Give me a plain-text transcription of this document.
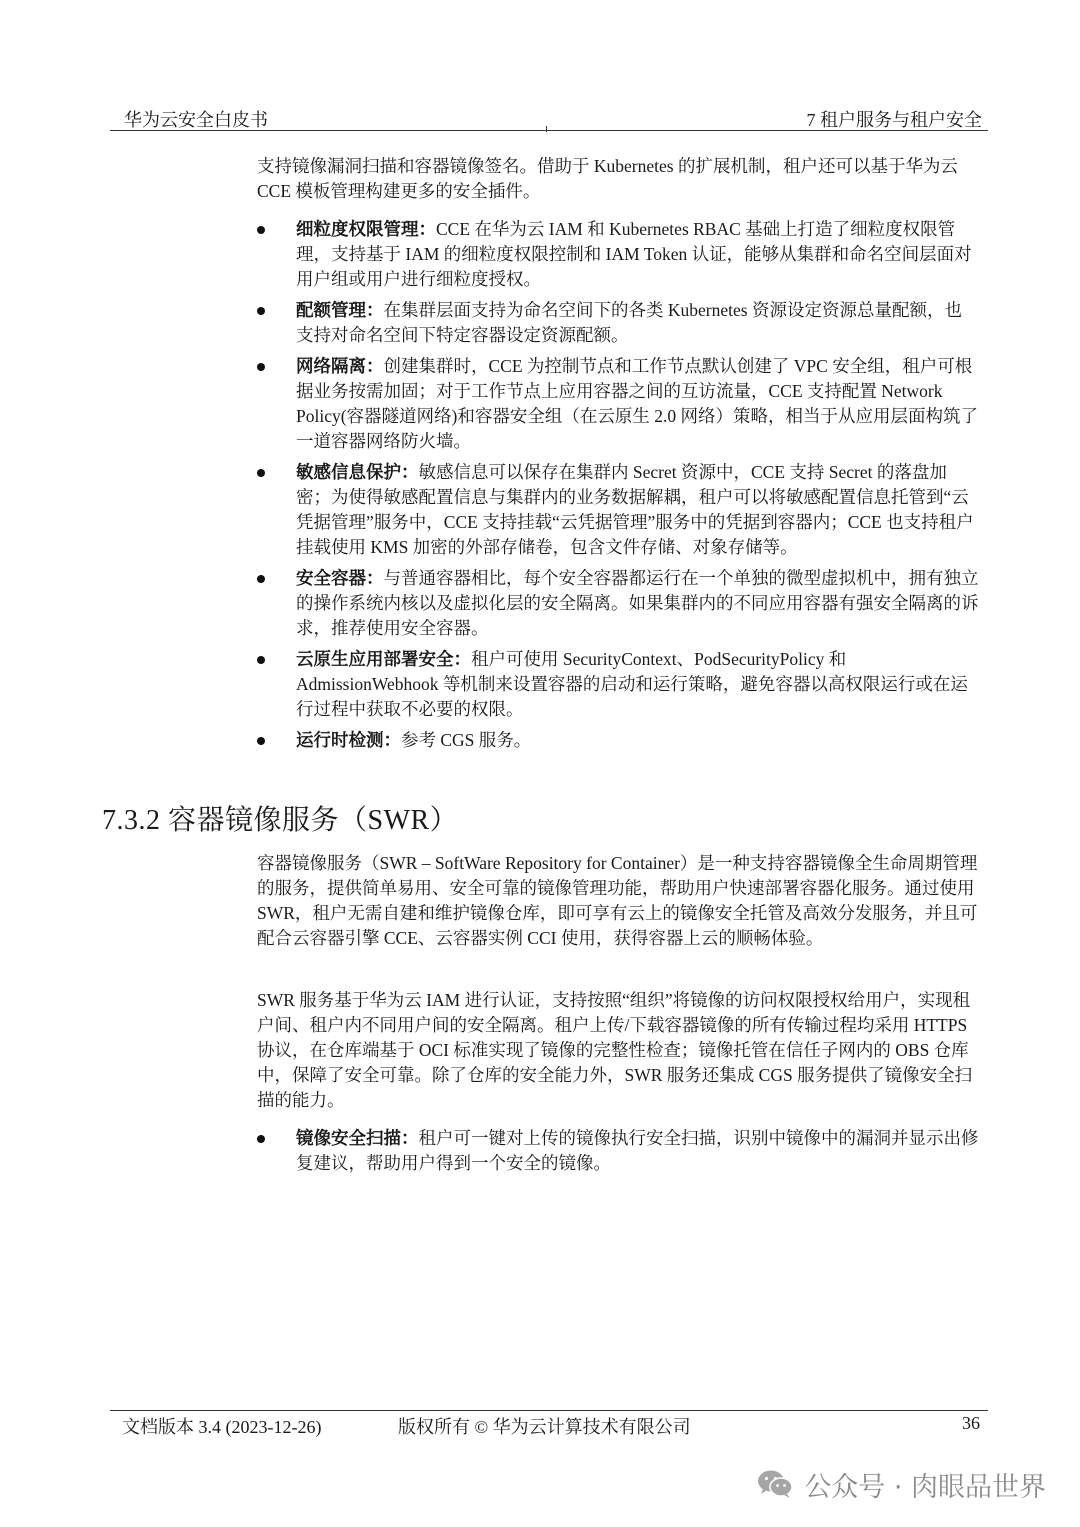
华为云安全白皮书	7 租户服务与租户安全

支持镜像漏洞扫描和容器镜像签名。借助于 Kubernetes 的扩展机制，租户还可以基于华为云 CCE 模板管理构建更多的安全插件。

细粒度权限管理：CCE 在华为云 IAM 和 Kubernetes RBAC 基础上打造了细粒度权限管理，支持基于 IAM 的细粒度权限控制和 IAM Token 认证，能够从集群和命名空间层面对用户组或用户进行细粒度授权。
配额管理：在集群层面支持为命名空间下的各类 Kubernetes 资源设定资源总量配额，也支持对命名空间下特定容器设定资源配额。
网络隔离：创建集群时，CCE 为控制节点和工作节点默认创建了 VPC 安全组，租户可根据业务按需加固；对于工作节点上应用容器之间的互访流量，CCE 支持配置 Network Policy(容器隧道网络)和容器安全组（在云原生 2.0 网络）策略，相当于从应用层面构筑了一道容器网络防火墙。
敏感信息保护：敏感信息可以保存在集群内 Secret 资源中，CCE 支持 Secret 的落盘加密；为使得敏感配置信息与集群内的业务数据解耦，租户可以将敏感配置信息托管到“云凭据管理”服务中，CCE 支持挂载“云凭据管理”服务中的凭据到容器内；CCE 也支持租户挂载使用 KMS 加密的外部存储卷，包含文件存储、对象存储等。
安全容器：与普通容器相比，每个安全容器都运行在一个单独的微型虚拟机中，拥有独立的操作系统内核以及虚拟化层的安全隔离。如果集群内的不同应用容器有强安全隔离的诉求，推荐使用安全容器。
云原生应用部署安全：租户可使用 SecurityContext、PodSecurityPolicy 和 AdmissionWebhook 等机制来设置容器的启动和运行策略，避免容器以高权限运行或在运行过程中获取不必要的权限。
运行时检测：参考 CGS 服务。
7.3.2 容器镜像服务（SWR）

容器镜像服务（SWR – SoftWare Repository for Container）是一种支持容器镜像全生命周期管理的服务，提供简单易用、安全可靠的镜像管理功能，帮助用户快速部署容器化服务。通过使用 SWR，租户无需自建和维护镜像仓库，即可享有云上的镜像安全托管及高效分发服务，并且可配合云容器引擎 CCE、云容器实例 CCI 使用，获得容器上云的顺畅体验。

SWR 服务基于华为云 IAM 进行认证，支持按照“组织”将镜像的访问权限授权给用户，实现租户间、租户内不同用户间的安全隔离。租户上传/下载容器镜像的所有传输过程均采用 HTTPS 协议，在仓库端基于 OCI 标准实现了镜像的完整性检查；镜像托管在信任子网内的 OBS 仓库中，保障了安全可靠。除了仓库的安全能力外，SWR 服务还集成 CGS 服务提供了镜像安全扫描的能力。

镜像安全扫描：租户可一键对上传的镜像执行安全扫描，识别中镜像中的漏洞并显示出修复建议，帮助用户得到一个安全的镜像。
文档版本 3.4 (2023-12-26)	版权所有 © 华为云计算技术有限公司	36
公众号 · 肉眼品世界
